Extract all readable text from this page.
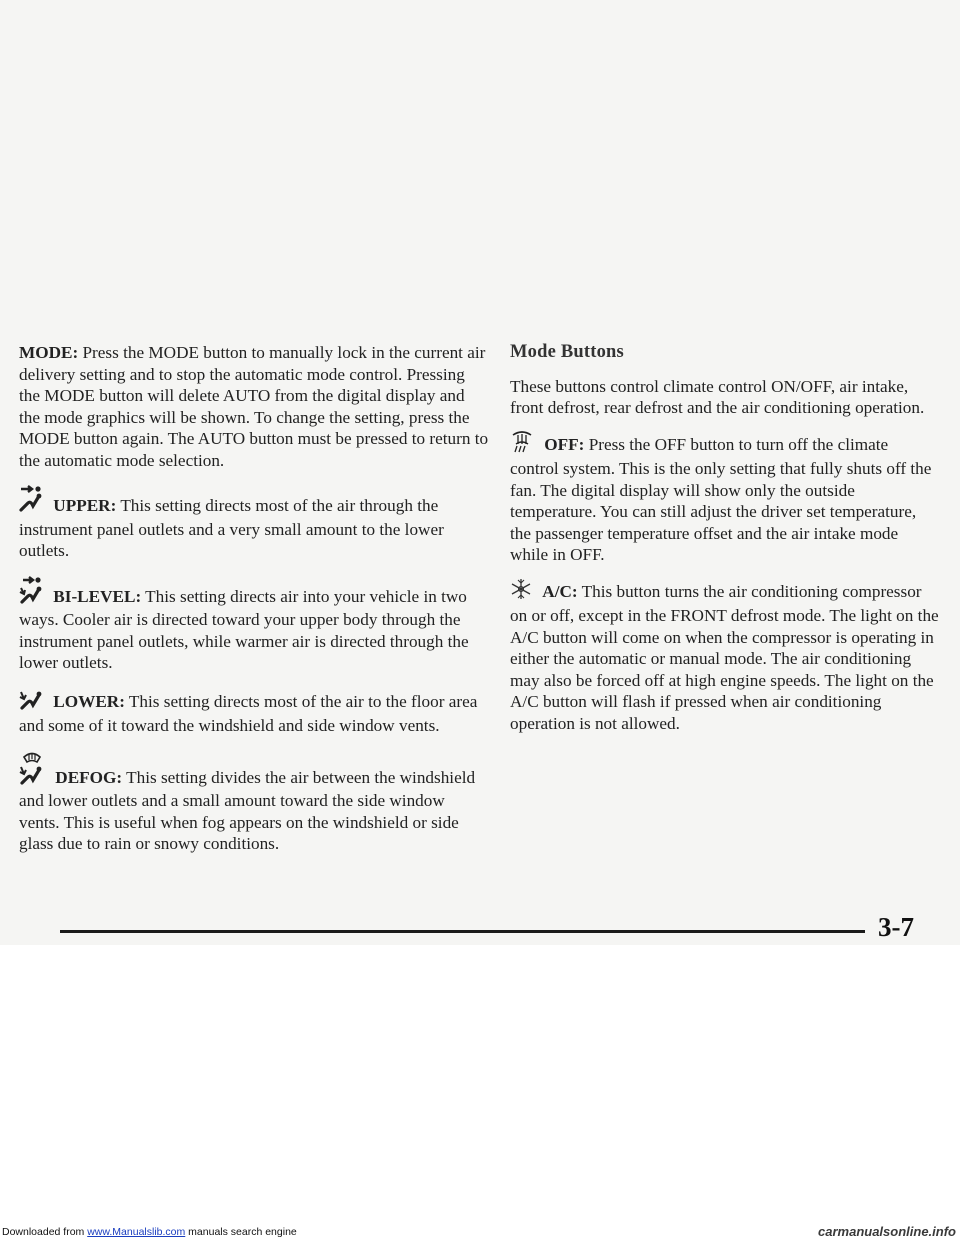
MODE: Press the MODE button to manually lock in the current air delivery setting and to stop the automatic mode control. Pressing the MODE button will delete AUTO from the digital display and the mode graphics will be shown. To change the setting, press the MODE button again. The AUTO button must be pressed to return to the automatic mode selection.

UPPER: This setting directs most of the air through the instrument panel outlets and a very small amount to the lower outlets.

BI-LEVEL: This setting directs air into your vehicle in two ways. Cooler air is directed toward your upper body through the instrument panel outlets, while warmer air is directed through the lower outlets.

LOWER: This setting directs most of the air to the floor area and some of it toward the windshield and side window vents.

DEFOG: This setting divides the air between the windshield and lower outlets and a small amount toward the side window vents. This is useful when fog appears on the windshield or side glass due to rain or snowy conditions.

Mode Buttons

These buttons control climate control ON/OFF, air intake, front defrost, rear defrost and the air conditioning operation.

OFF: Press the OFF button to turn off the climate control system. This is the only setting that fully shuts off the fan. The digital display will show only the outside temperature. You can still adjust the driver set temperature, the passenger temperature offset and the air intake mode while in OFF.

A/C: This button turns the air conditioning compressor on or off, except in the FRONT defrost mode. The light on the A/C button will come on when the compressor is operating in either the automatic or manual mode. The air conditioning may also be forced off at high engine speeds. The light on the A/C button will flash if pressed when air conditioning operation is not allowed.

3-7
Downloaded from www.Manualslib.com manuals search engine	carmanualsonline.info
